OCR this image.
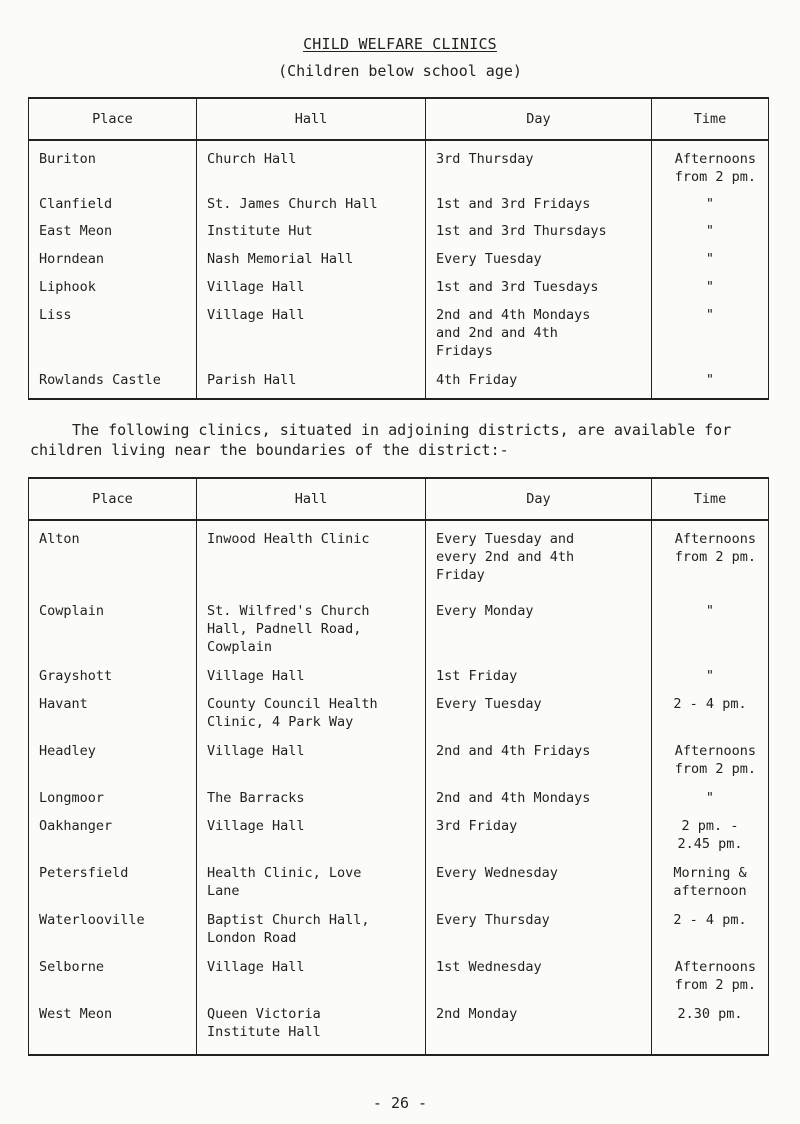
CHILD WELFARE CLINICS
(Children below school age)
Place	Hall	Day	Time
Buriton	Church Hall	3rd Thursday	Afternoons from 2 pm.
Clanfield	St. James Church Hall	1st and 3rd Fridays	"
East Meon	Institute Hut	1st and 3rd Thursdays	"
Horndean	Nash Memorial Hall	Every Tuesday	"
Liphook	Village Hall	1st and 3rd Tuesdays	"
Liss	Village Hall	2nd and 4th Mondays and 2nd and 4th Fridays	"
Rowlands Castle	Parish Hall	4th Friday	"
The following clinics, situated in adjoining districts, are available for
children living near the boundaries of the district:-
Place	Hall	Day	Time
Alton	Inwood Health Clinic	Every Tuesday and every 2nd and 4th Friday	Afternoons from 2 pm.
Cowplain	St. Wilfred's Church Hall, Padnell Road, Cowplain	Every Monday	"
Grayshott	Village Hall	1st Friday	"
Havant	County Council Health Clinic, 4 Park Way	Every Tuesday	2 - 4 pm.
Headley	Village Hall	2nd and 4th Fridays	Afternoons from 2 pm.
Longmoor	The Barracks	2nd and 4th Mondays	"
Oakhanger	Village Hall	3rd Friday	2 pm. - 2.45 pm.
Petersfield	Health Clinic, Love Lane	Every Wednesday	Morning & afternoon
Waterlooville	Baptist Church Hall, London Road	Every Thursday	2 - 4 pm.
Selborne	Village Hall	1st Wednesday	Afternoons from 2 pm.
West Meon	Queen Victoria Institute Hall	2nd Monday	2.30 pm.
- 26 -
